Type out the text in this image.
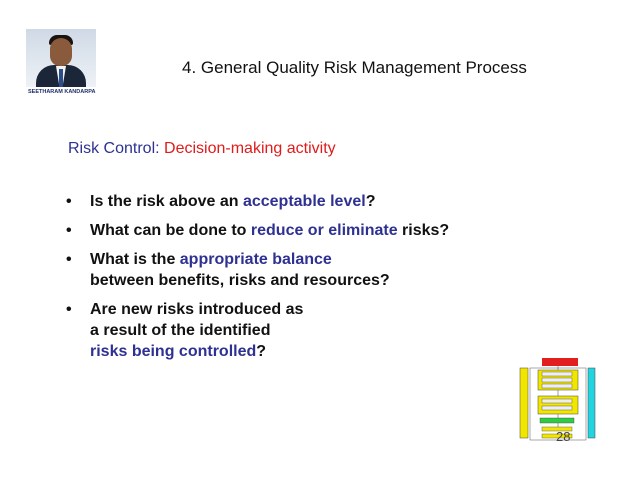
SEETHARAM KANDARPA
4. General Quality Risk Management Process
Risk Control: Decision-making activity
• Is the risk above an acceptable level?
• What can be done to reduce or eliminate risks?
• What is the appropriate balance
between benefits, risks and resources?
• Are new risks introduced as
a result of the identified
risks being controlled?
28
